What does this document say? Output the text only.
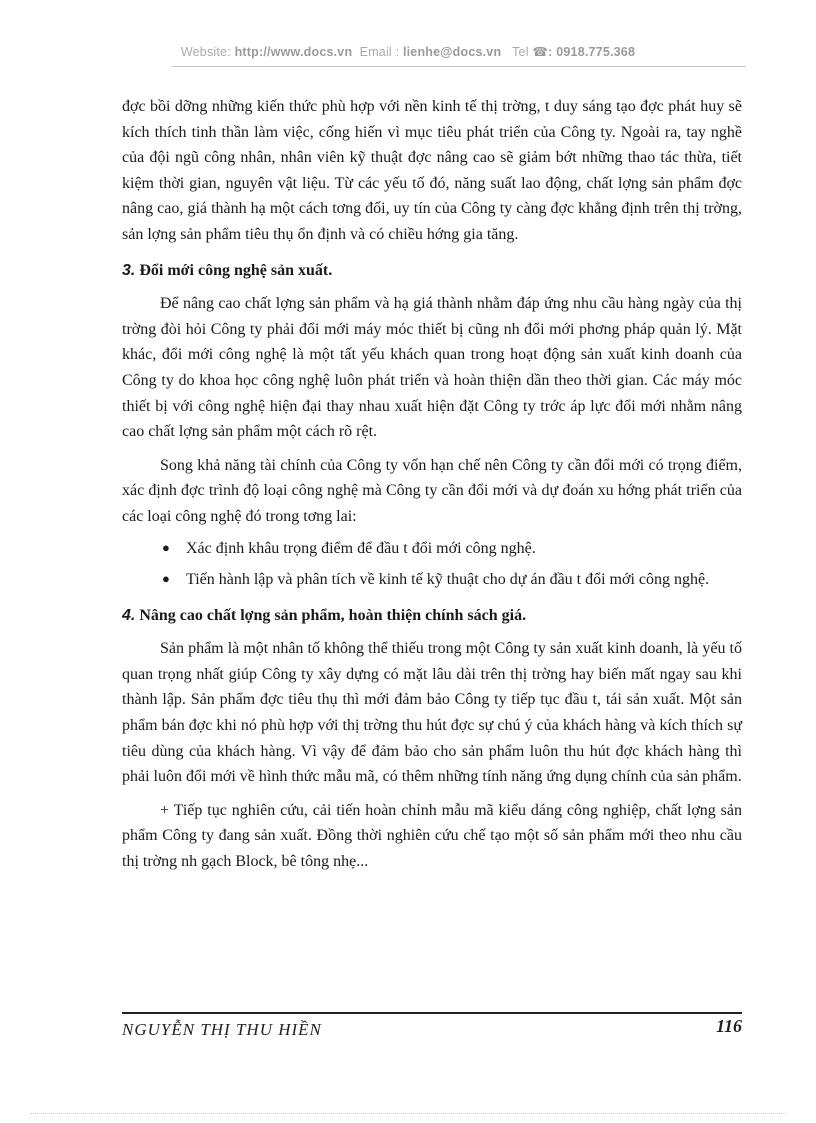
Website: http://www.docs.vn Email : lienhe@docs.vn Tel ☎: 0918.775.368

đợc bồi dỡng những kiến thức phù hợp với nền kinh tế thị trờng, t duy sáng tạo đợc phát huy sẽ kích thích tinh thần làm việc, cống hiến vì mục tiêu phát triển của Công ty. Ngoài ra, tay nghề của đội ngũ công nhân, nhân viên kỹ thuật đợc nâng cao sẽ giảm bớt những thao tác thừa, tiết kiệm thời gian, nguyên vật liệu. Từ các yếu tố đó, năng suất lao động, chất lợng sản phẩm đợc nâng cao, giá thành hạ một cách tơng đối, uy tín của Công ty càng đợc khẳng định trên thị trờng, sản lợng sản phẩm tiêu thụ ổn định và có chiều hớng gia tăng.

3. Đổi mới công nghệ sản xuất.

Để nâng cao chất lợng sản phẩm và hạ giá thành nhằm đáp ứng nhu cầu hàng ngày của thị trờng đòi hỏi Công ty phải đổi mới máy móc thiết bị cũng nh đổi mới phơng pháp quản lý. Mặt khác, đổi mới công nghệ là một tất yếu khách quan trong hoạt động sản xuất kinh doanh của Công ty do khoa học công nghệ luôn phát triển và hoàn thiện dần theo thời gian. Các máy móc thiết bị với công nghệ hiện đại thay nhau xuất hiện đặt Công ty trớc áp lực đổi mới nhằm nâng cao chất lợng sản phẩm một cách rõ rệt.

Song khả năng tài chính của Công ty vốn hạn chế nên Công ty cần đổi mới có trọng điểm, xác định đợc trình độ loại công nghệ mà Công ty cần đổi mới và dự đoán xu hớng phát triển của các loại công nghệ đó trong tơng lai:

● Xác định khâu trọng điểm để đầu t đổi mới công nghệ.
● Tiến hành lập và phân tích về kinh tế kỹ thuật cho dự án đầu t đổi mới công nghệ.
4. Nâng cao chất lợng sản phẩm, hoàn thiện chính sách giá.

Sản phẩm là một nhân tố không thể thiếu trong một Công ty sản xuất kinh doanh, là yếu tố quan trọng nhất giúp Công ty xây dựng có mặt lâu dài trên thị trờng hay biến mất ngay sau khi thành lập. Sản phẩm đợc tiêu thụ thì mới đảm bảo Công ty tiếp tục đầu t, tái sản xuất. Một sản phẩm bán đợc khi nó phù hợp với thị trờng thu hút đợc sự chú ý của khách hàng và kích thích sự tiêu dùng của khách hàng. Vì vậy để đảm bảo cho sản phẩm luôn thu hút đợc khách hàng thì phải luôn đổi mới về hình thức mẫu mã, có thêm những tính năng ứng dụng chính của sản phẩm.

+ Tiếp tục nghiên cứu, cải tiến hoàn chỉnh mẫu mã kiểu dáng công nghiệp, chất lợng sản phẩm Công ty đang sản xuất. Đồng thời nghiên cứu chế tạo một số sản phẩm mới theo nhu cầu thị trờng nh gạch Block, bê tông nhẹ...

NGUYỄN THỊ THU HIỀN	116
